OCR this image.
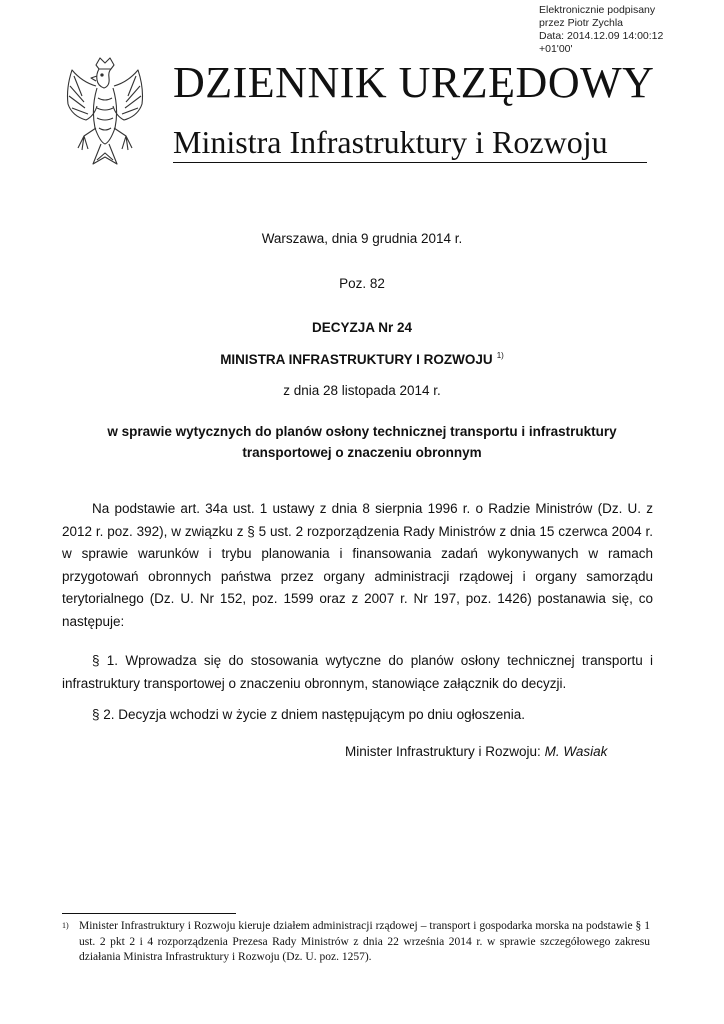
Elektronicznie podpisany
przez Piotr Zychla
Data: 2014.12.09 14:00:12
+01'00'
DZIENNIK URZĘDOWY
Ministra Infrastruktury i Rozwoju
Warszawa, dnia 9 grudnia 2014 r.
Poz. 82
DECYZJA Nr 24
MINISTRA INFRASTRUKTURY I ROZWOJU $^{1)}$
z dnia 28 listopada 2014 r.
w sprawie wytycznych do planów osłony technicznej transportu i infrastruktury
transportowej o znaczeniu obronnym
Na podstawie art. 34a ust. 1 ustawy z dnia 8 sierpnia 1996 r. o Radzie Ministrów (Dz. U. z 2012 r. poz. 392), w związku z § 5 ust. 2 rozporządzenia Rady Ministrów z dnia 15 czerwca 2004 r. w sprawie warunków i trybu planowania i finansowania zadań wykonywanych w ramach przygotowań obronnych państwa przez organy administracji rządowej i organy samorządu terytorialnego (Dz. U. Nr 152, poz. 1599 oraz z 2007 r. Nr 197, poz. 1426) postanawia się, co następuje:
§ 1. Wprowadza się do stosowania wytyczne do planów osłony technicznej transportu i infrastruktury transportowej o znaczeniu obronnym, stanowiące załącznik do decyzji.
§ 2. Decyzja wchodzi w życie z dniem następującym po dniu ogłoszenia.
Minister Infrastruktury i Rozwoju: M. Wasiak
1) Minister Infrastruktury i Rozwoju kieruje działem administracji rządowej – transport i gospodarka morska na podstawie § 1 ust. 2 pkt 2 i 4 rozporządzenia Prezesa Rady Ministrów z dnia 22 września 2014 r. w sprawie szczegółowego zakresu działania Ministra Infrastruktury i Rozwoju (Dz. U. poz. 1257).
